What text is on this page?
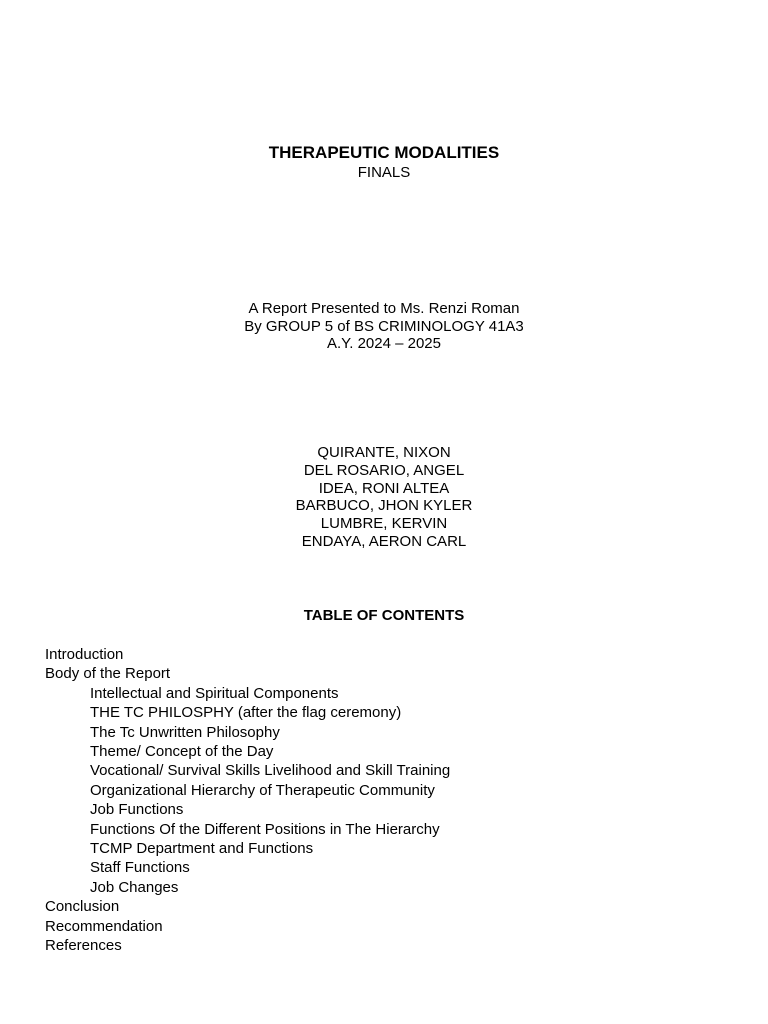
THERAPEUTIC MODALITIES
FINALS
A Report Presented to Ms. Renzi Roman
By GROUP 5 of BS CRIMINOLOGY 41A3
A.Y. 2024 – 2025
QUIRANTE, NIXON
DEL ROSARIO, ANGEL
IDEA, RONI ALTEA
BARBUCO, JHON KYLER
LUMBRE, KERVIN
ENDAYA, AERON CARL
TABLE OF CONTENTS
Introduction
Body of the Report
Intellectual and Spiritual Components
THE TC PHILOSPHY (after the flag ceremony)
The Tc Unwritten Philosophy
Theme/ Concept of the Day
Vocational/ Survival Skills Livelihood and Skill Training
Organizational Hierarchy of Therapeutic Community
Job Functions
Functions Of the Different Positions in The Hierarchy
TCMP Department and Functions
Staff Functions
Job Changes
Conclusion
Recommendation
References
